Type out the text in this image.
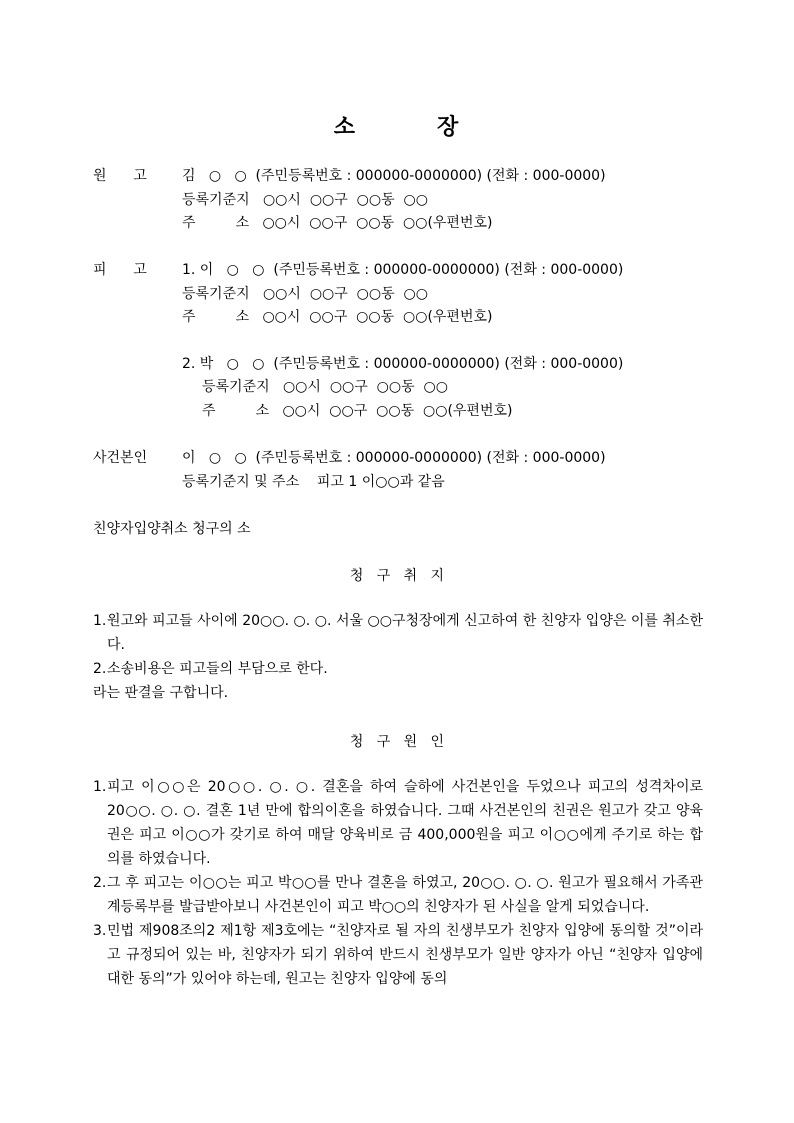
소	장
원      고	김   ○   ○  (주민등록번호 : 000000-0000000) (전화 : 000-0000)
등록기준지   ○○시  ○○구  ○○동  ○○
주         소   ○○시  ○○구  ○○동  ○○(우편번호)
피      고	1. 이   ○   ○  (주민등록번호 : 000000-0000000) (전화 : 000-0000)
등록기준지   ○○시  ○○구  ○○동  ○○
주         소   ○○시  ○○구  ○○동  ○○(우편번호)
2. 박   ○   ○  (주민등록번호 : 000000-0000000) (전화 : 000-0000)
등록기준지   ○○시  ○○구  ○○동  ○○
주         소   ○○시  ○○구  ○○동  ○○(우편번호)
사건본인 이   ○   ○  (주민등록번호 : 000000-0000000) (전화 : 000-0000)
등록기준지 및 주소    피고 1 이○○과 같음
친양자입양취소 청구의 소
청   구   취   지
1. 원고와 피고들 사이에 20○○. ○. ○. 서울 ○○구청장에게 신고하여 한 친양자 입양은 이를 취소한다.
2. 소송비용은 피고들의 부담으로 한다.
라는 판결을 구합니다.
청   구   원   인
1. 피고 이○○은 20○○. ○. ○. 결혼을 하여 슬하에 사건본인을 두었으나 피고의 성격차이로 20○○. ○. ○. 결혼 1년 만에 합의이혼을 하였습니다. 그때 사건본인의 친권은 원고가 갖고 양육권은 피고 이○○가 갖기로 하여 매달 양육비로 금 400,000원을 피고 이○○에게 주기로 하는 합의를 하였습니다.
2. 그 후 피고는 이○○는 피고 박○○를 만나 결혼을 하였고, 20○○. ○. ○. 원고가 필요해서 가족관계등록부를 발급받아보니 사건본인이 피고 박○○의 친양자가 된 사실을 알게 되었습니다.
3. 민법 제908조의2 제1항 제3호에는 “친양자로 될 자의 친생부모가 친양자 입양에 동의할 것”이라고 규정되어 있는 바, 친양자가 되기 위하여 반드시 친생부모가 일반 양자가 아닌 “친양자 입양에 대한 동의”가 있어야 하는데, 원고는 친양자 입양에 동의
